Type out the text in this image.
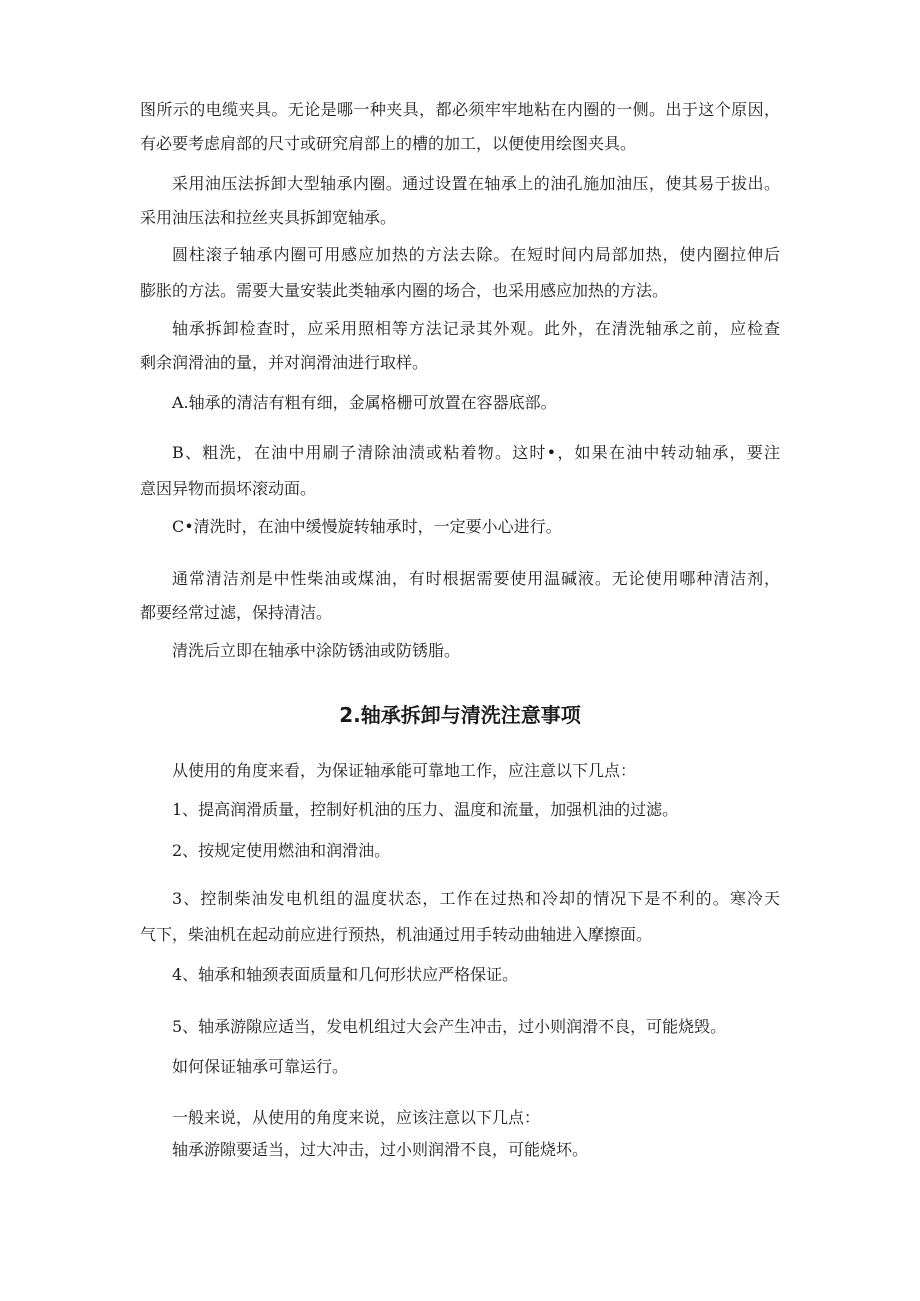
图所示的电缆夹具。无论是哪一种夹具，都必须牢牢地粘在内圈的一侧。出于这个原因，

有必要考虑肩部的尺寸或研究肩部上的槽的加工，以便使用绘图夹具。

采用油压法拆卸大型轴承内圈。通过设置在轴承上的油孔施加油压，使其易于拔出。

采用油压法和拉丝夹具拆卸宽轴承。

圆柱滚子轴承内圈可用感应加热的方法去除。在短时间内局部加热，使内圈拉伸后

膨胀的方法。需要大量安装此类轴承内圈的场合，也采用感应加热的方法。

轴承拆卸检查时，应采用照相等方法记录其外观。此外，在清洗轴承之前，应检查

剩余润滑油的量，并对润滑油进行取样。

A.轴承的清洁有粗有细，金属格栅可放置在容器底部。

B、粗洗，在油中用刷子清除油渍或粘着物。这时•，如果在油中转动轴承，要注

意因异物而损坏滚动面。

C•清洗时，在油中缓慢旋转轴承时，一定要小心进行。

通常清洁剂是中性柴油或煤油，有时根据需要使用温碱液。无论使用哪种清洁剂，

都要经常过滤，保持清洁。

清洗后立即在轴承中涂防锈油或防锈脂。

2.轴承拆卸与清洗注意事项

从使用的角度来看，为保证轴承能可靠地工作，应注意以下几点：

1、提高润滑质量，控制好机油的压力、温度和流量，加强机油的过滤。

2、按规定使用燃油和润滑油。

3、控制柴油发电机组的温度状态，工作在过热和冷却的情况下是不利的。寒冷天

气下，柴油机在起动前应进行预热，机油通过用手转动曲轴进入摩擦面。

4、轴承和轴颈表面质量和几何形状应严格保证。

5、轴承游隙应适当，发电机组过大会产生冲击，过小则润滑不良，可能烧毁。

如何保证轴承可靠运行。

一般来说，从使用的角度来说，应该注意以下几点：

轴承游隙要适当，过大冲击，过小则润滑不良，可能烧坏。
